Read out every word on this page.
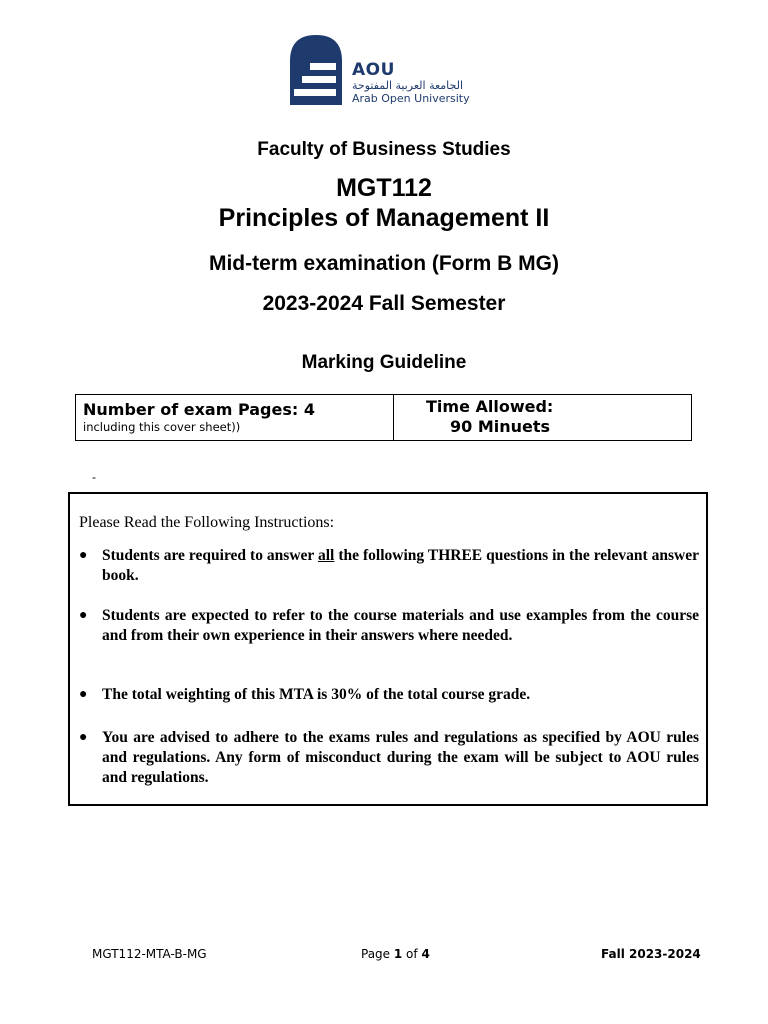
AOU
الجامعة العربية المفتوحة
Arab Open University
Faculty of Business Studies
MGT112
Principles of Management II
Mid-term examination (Form B MG)
2023-2024 Fall Semester
Marking Guideline
Number of exam Pages: 4
including this cover sheet))
Time Allowed:
90 Minuets
-
Please Read the Following Instructions:
● Students are required to answer all the following THREE questions in the relevant answer book.
● Students are expected to refer to the course materials and use examples from the course and from their own experience in their answers where needed.
● The total weighting of this MTA is 30% of the total course grade.
● You are advised to adhere to the exams rules and regulations as specified by AOU rules and regulations. Any form of misconduct during the exam will be subject to AOU rules and regulations.
MGT112-MTA-B-MG	Page 1 of 4	Fall 2023-2024
